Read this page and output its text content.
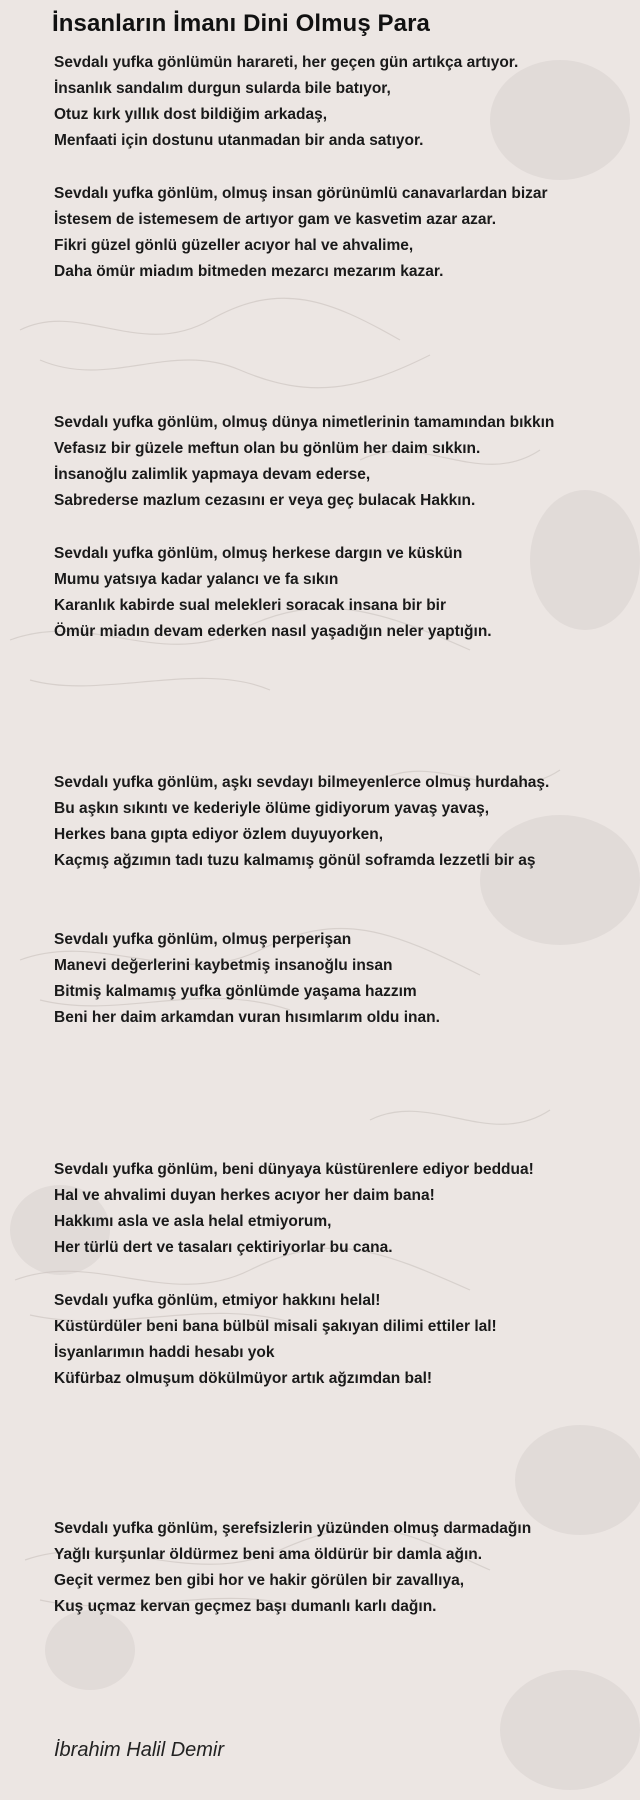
İnsanların İmanı Dini Olmuş Para
Sevdalı yufka gönlümün harareti, her geçen gün artıkça artıyor.
İnsanlık sandalım durgun sularda bile batıyor,
Otuz kırk yıllık dost bildiğim arkadaş,
Menfaati için dostunu utanmadan bir anda satıyor.
Sevdalı yufka gönlüm, olmuş insan görünümlü canavarlardan bizar
İstesem de istemesem de artıyor gam ve kasvetim azar azar.
Fikri güzel gönlü güzeller acıyor hal ve ahvalime,
Daha ömür miadım bitmeden mezarcı mezarım kazar.
Sevdalı yufka gönlüm, olmuş dünya nimetlerinin tamamından bıkkın
Vefasız bir güzele meftun olan bu gönlüm her daim sıkkın.
İnsanoğlu zalimlik yapmaya devam ederse,
Sabrederse mazlum cezasını er veya geç bulacak Hakkın.
Sevdalı yufka gönlüm, olmuş herkese dargın ve küskün
Mumu yatsıya kadar yalancı ve fa sıkın
Karanlık kabirde sual melekleri soracak insana bir bir
Ömür miadın devam ederken nasıl yaşadığın neler yaptığın.
Sevdalı yufka gönlüm, aşkı sevdayı bilmeyenlerce olmuş hurdahaş.
Bu aşkın sıkıntı ve kederiyle ölüme gidiyorum yavaş yavaş,
Herkes bana gıpta ediyor özlem duyuyorken,
Kaçmış ağzımın tadı tuzu kalmamış gönül soframda lezzetli bir aş
Sevdalı yufka gönlüm, olmuş perperişan
Manevi değerlerini kaybetmiş insanoğlu insan
Bitmiş kalmamış yufka gönlümde yaşama hazzım
Beni her daim arkamdan vuran hısımlarım oldu inan.
Sevdalı yufka gönlüm, beni dünyaya küstürenlere ediyor beddua!
Hal ve ahvalimi duyan herkes acıyor her daim bana!
Hakkımı asla ve asla helal etmiyorum,
Her türlü dert ve tasaları çektiriyorlar bu cana.
Sevdalı yufka gönlüm, etmiyor hakkını helal!
Küstürdüler beni bana bülbül misali şakıyan dilimi ettiler lal!
İsyanlarımın haddi hesabı yok
Küfürbaz olmuşum dökülmüyor artık ağzımdan bal!
Sevdalı yufka gönlüm, şerefsizlerin yüzünden olmuş darmadağın
Yağlı kurşunlar öldürmez beni ama öldürür bir damla ağın.
Geçit vermez ben gibi hor ve hakir görülen bir zavallıya,
Kuş uçmaz kervan geçmez başı dumanlı karlı dağın.
İbrahim Halil Demir
